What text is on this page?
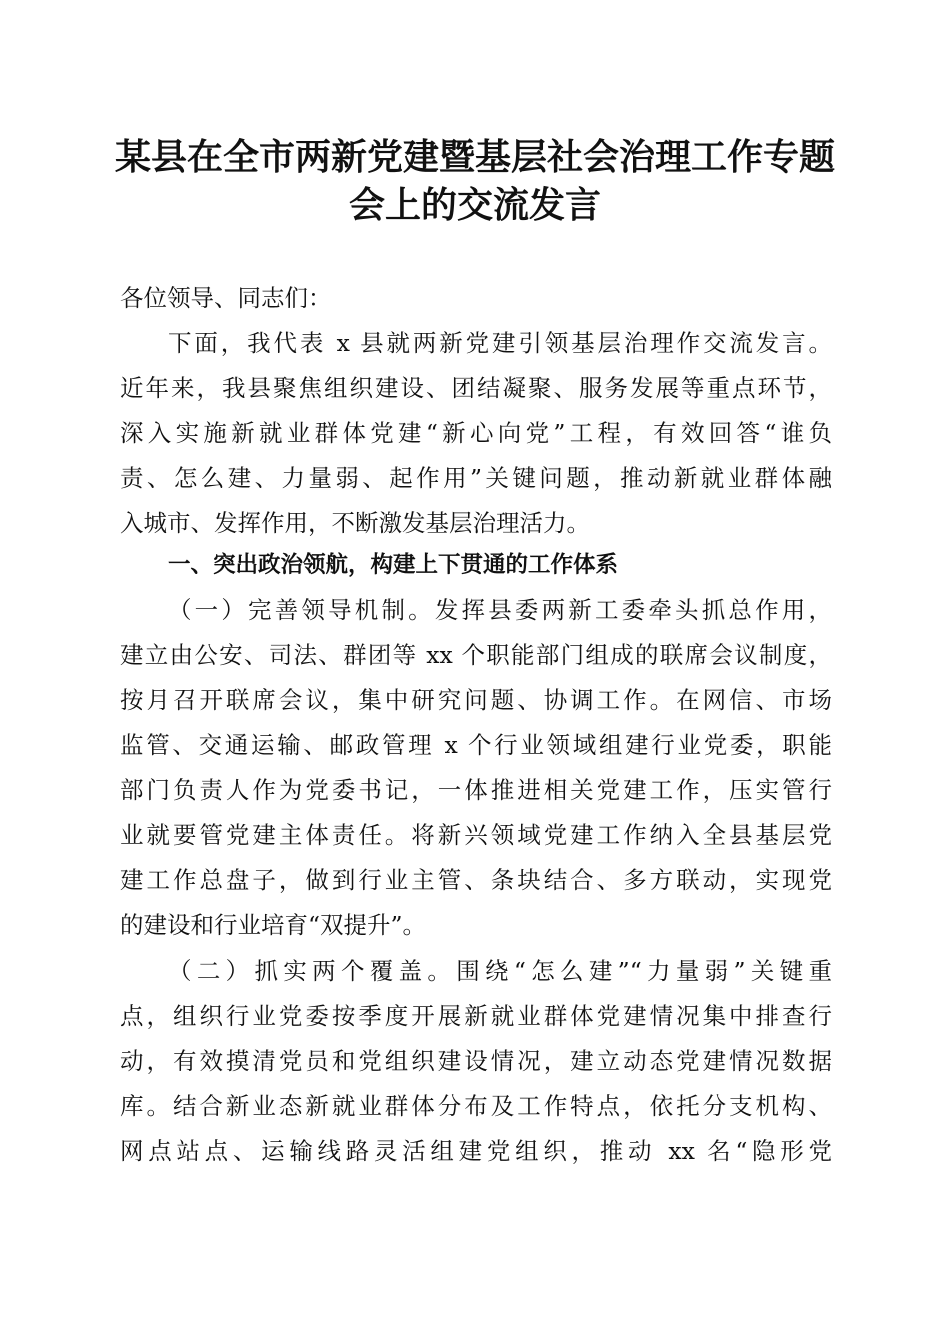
某县在全市两新党建暨基层社会治理工作专题
会上的交流发言
各位领导、同志们：
下面，我代表 x 县就两新党建引领基层治理作交流发言。
近年来，我县聚焦组织建设、团结凝聚、服务发展等重点环节，
深入实施新就业群体党建“新心向党”工程，有效回答“谁负
责、怎么建、力量弱、起作用”关键问题，推动新就业群体融
入城市、发挥作用，不断激发基层治理活力。
一、突出政治领航，构建上下贯通的工作体系
（一）完善领导机制。发挥县委两新工委牵头抓总作用，
建立由公安、司法、群团等 xx 个职能部门组成的联席会议制度，
按月召开联席会议，集中研究问题、协调工作。在网信、市场
监管、交通运输、邮政管理 x 个行业领域组建行业党委，职能
部门负责人作为党委书记，一体推进相关党建工作，压实管行
业就要管党建主体责任。将新兴领域党建工作纳入全县基层党
建工作总盘子，做到行业主管、条块结合、多方联动，实现党
的建设和行业培育“双提升”。
（二）抓实两个覆盖。围绕“怎么建”“力量弱”关键重
点，组织行业党委按季度开展新就业群体党建情况集中排查行
动，有效摸清党员和党组织建设情况，建立动态党建情况数据
库。结合新业态新就业群体分布及工作特点，依托分支机构、
网点站点、运输线路灵活组建党组织，推动 xx 名“隐形党
